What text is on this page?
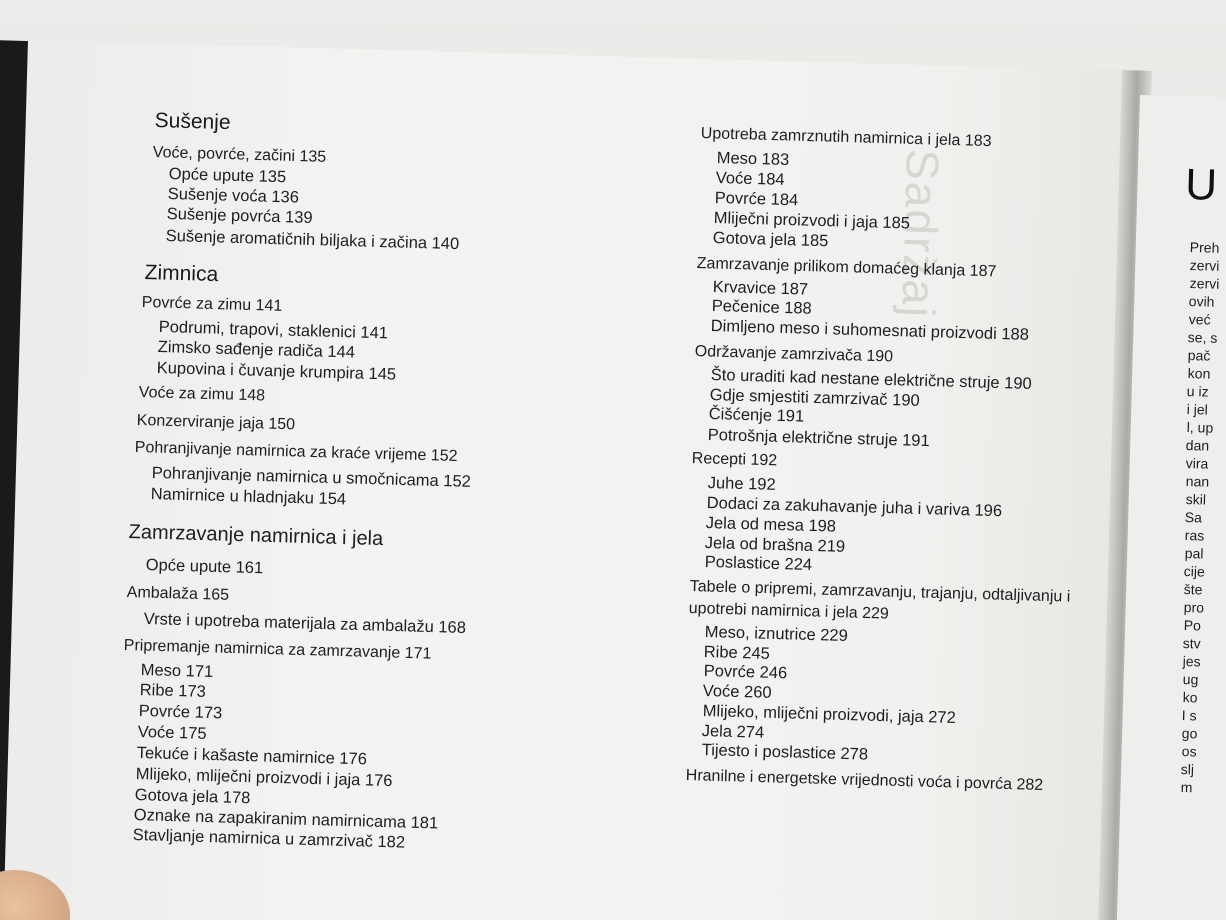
Sadržaj
Sušenje
Voće, povrće, začini 135
Opće upute 135
Sušenje voća 136
Sušenje povrća 139
Sušenje aromatičnih biljaka i začina 140
Zimnica
Povrće za zimu 141
Podrumi, trapovi, staklenici 141
Zimsko sađenje radiča 144
Kupovina i čuvanje krumpira 145
Voće za zimu 148
Konzerviranje jaja 150
Pohranjivanje namirnica za kraće vrijeme 152
Pohranjivanje namirnica u smočnicama 152
Namirnice u hladnjaku 154
Zamrzavanje namirnica i jela
Opće upute 161
Ambalaža 165
Vrste i upotreba materijala za ambalažu 168
Pripremanje namirnica za zamrzavanje 171
Meso 171
Ribe 173
Povrće 173
Voće 175
Tekuće i kašaste namirnice 176
Mlijeko, mliječni proizvodi i jaja 176
Gotova jela 178
Oznake na zapakiranim namirnicama 181
Stavljanje namirnica u zamrzivač 182
Upotreba zamrznutih namirnica i jela 183
Meso 183
Voće 184
Povrće 184
Mliječni proizvodi i jaja 185
Gotova jela 185
Zamrzavanje prilikom domaćeg klanja 187
Krvavice 187
Pečenice 188
Dimljeno meso i suhomesnati proizvodi 188
Održavanje zamrzivača 190
Što uraditi kad nestane električne struje 190
Gdje smjestiti zamrzivač 190
Čišćenje 191
Potrošnja električne struje 191
Recepti 192
Juhe 192
Dodaci za zakuhavanje juha i variva 196
Jela od mesa 198
Jela od brašna 219
Poslastice 224
Tabele o pripremi, zamrzavanju, trajanju, odtaljivanju i
upotrebi namirnica i jela 229
Meso, iznutrice 229
Ribe 245
Povrće 246
Voće 260
Mlijeko, mliječni proizvodi, jaja 272
Jela 274
Tijesto i poslastice 278
Hranilne i energetske vrijednosti voća i povrća 282
U
Preh
zervi
zervi
ovih
već
se, s
pač
kon
u iz
i jel
l, up
dan
vira
nan
skil
Sa
ras
pal
cije
šte
pro
Po
stv
jes
ug
ko
I s
go
os
slj
m
